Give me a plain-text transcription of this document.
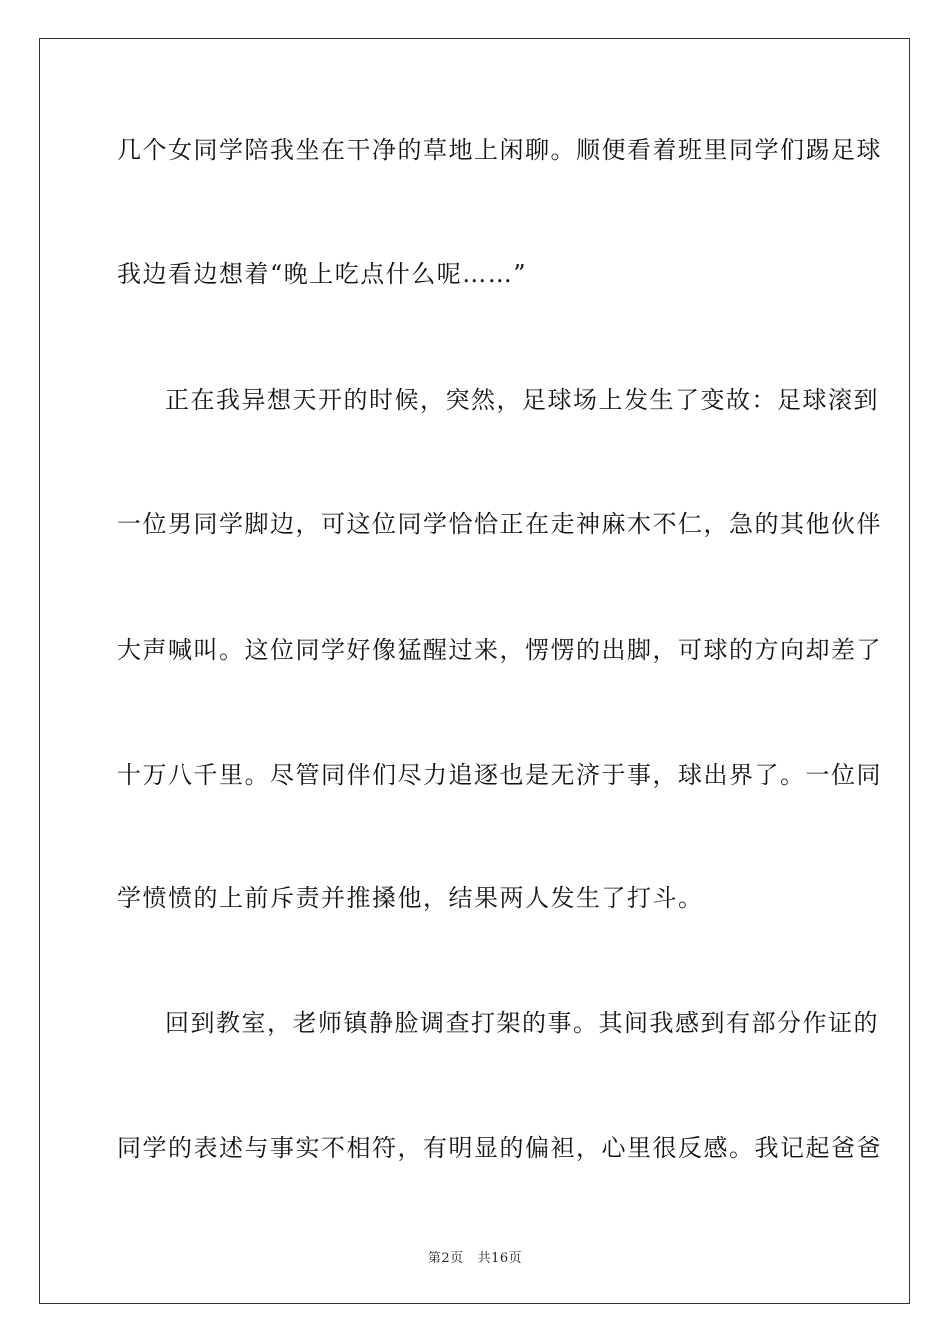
几个女同学陪我坐在干净的草地上闲聊。顺便看着班里同学们踢足球
我边看边想着“晚上吃点什么呢……”
正在我异想天开的时候，突然，足球场上发生了变故：足球滚到
一位男同学脚边，可这位同学恰恰正在走神麻木不仁，急的其他伙伴
大声喊叫。这位同学好像猛醒过来，愣愣的出脚，可球的方向却差了
十万八千里。尽管同伴们尽力追逐也是无济于事，球出界了。一位同
学愤愤的上前斥责并推搡他，结果两人发生了打斗。
回到教室，老师镇静脸调查打架的事。其间我感到有部分作证的
同学的表述与事实不相符，有明显的偏袒，心里很反感。我记起爸爸
第2页 共16页
